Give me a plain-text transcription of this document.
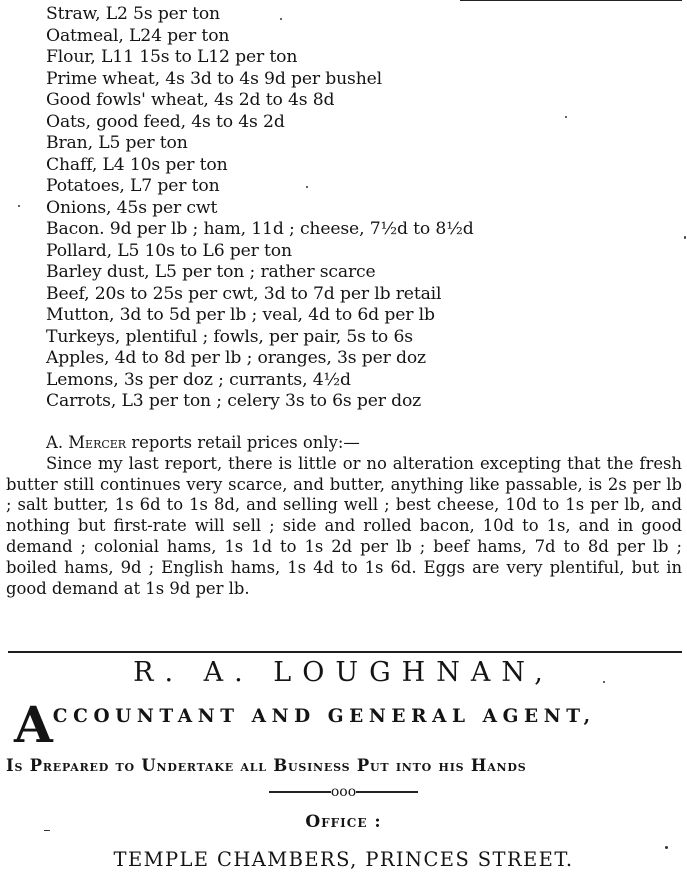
Straw, L2 5s per ton
Oatmeal, L24 per ton
Flour, L11 15s to L12 per ton
Prime wheat, 4s 3d to 4s 9d per bushel
Good fowls' wheat, 4s 2d to 4s 8d
Oats, good feed, 4s to 4s 2d
Bran, L5 per ton
Chaff, L4 10s per ton
Potatoes, L7 per ton
Onions, 45s per cwt
Bacon. 9d per lb ; ham, 11d ; cheese, 7½d to 8½d
Pollard, L5 10s to L6 per ton
Barley dust, L5 per ton ; rather scarce
Beef, 20s to 25s per cwt, 3d to 7d per lb retail
Mutton, 3d to 5d per lb ; veal, 4d to 6d per lb
Turkeys, plentiful ; fowls, per pair, 5s to 6s
Apples, 4d to 8d per lb ; oranges, 3s per doz
Lemons, 3s per doz ; currants, 4½d
Carrots, L3 per ton ; celery 3s to 6s per doz
A. Mercer reports retail prices only:—

Since my last report, there is little or no alteration excepting that the fresh butter still continues very scarce, and butter, anything like passable, is 2s per lb ; salt butter, 1s 6d to 1s 8d, and selling well ; best cheese, 10d to 1s per lb, and nothing but first-rate will sell ; side and rolled bacon, 10d to 1s, and in good demand ; colonial hams, 1s 1d to 1s 2d per lb ; beef hams, 7d to 8d per lb ; boiled hams, 9d ; English hams, 1s 4d to 1s 6d. Eggs are very plentiful, but in good demand at 1s 9d per lb.

R. A. LOUGHNAN,
ACCOUNTANT AND GENERAL AGENT,
Is Prepared to Undertake all Business Put into his Hands
ooo
Office :
TEMPLE CHAMBERS, PRINCES STREET.
